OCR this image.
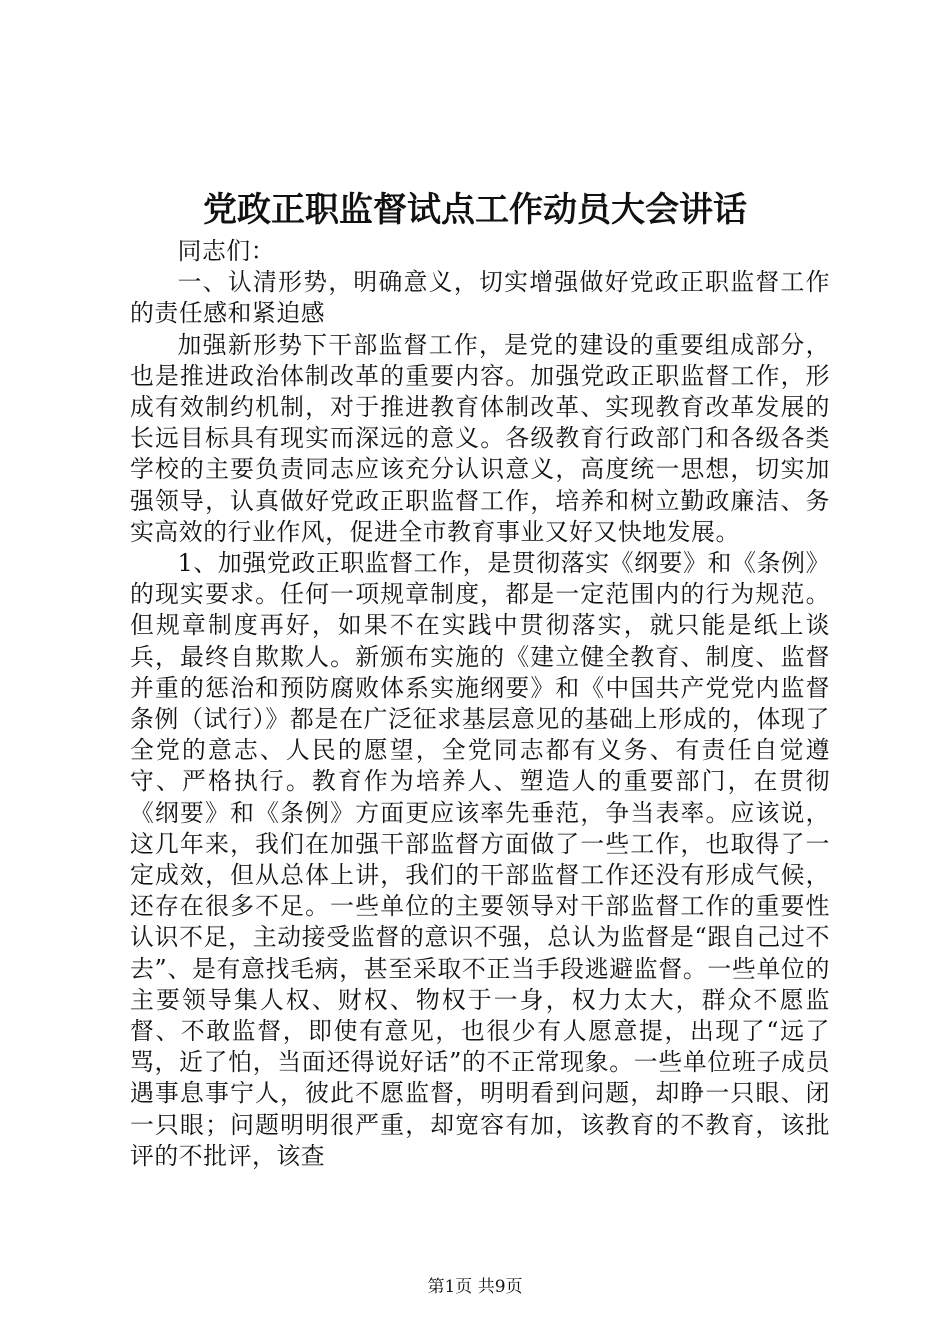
党政正职监督试点工作动员大会讲话

同志们：

一、认清形势，明确意义，切实增强做好党政正职监督工作的责任感和紧迫感

加强新形势下干部监督工作，是党的建设的重要组成部分，也是推进政治体制改革的重要内容。加强党政正职监督工作，形成有效制约机制，对于推进教育体制改革、实现教育改革发展的长远目标具有现实而深远的意义。各级教育行政部门和各级各类学校的主要负责同志应该充分认识意义，高度统一思想，切实加强领导，认真做好党政正职监督工作，培养和树立勤政廉洁、务实高效的行业作风，促进全市教育事业又好又快地发展。

1、加强党政正职监督工作，是贯彻落实《纲要》和《条例》的现实要求。任何一项规章制度，都是一定范围内的行为规范。但规章制度再好，如果不在实践中贯彻落实，就只能是纸上谈兵，最终自欺欺人。新颁布实施的《建立健全教育、制度、监督并重的惩治和预防腐败体系实施纲要》和《中国共产党党内监督条例（试行）》都是在广泛征求基层意见的基础上形成的，体现了全党的意志、人民的愿望，全党同志都有义务、有责任自觉遵守、严格执行。教育作为培养人、塑造人的重要部门，在贯彻《纲要》和《条例》方面更应该率先垂范，争当表率。应该说，这几年来，我们在加强干部监督方面做了一些工作，也取得了一定成效，但从总体上讲，我们的干部监督工作还没有形成气候，还存在很多不足。一些单位的主要领导对干部监督工作的重要性认识不足，主动接受监督的意识不强，总认为监督是“跟自己过不去”、是有意找毛病，甚至采取不正当手段逃避监督。一些单位的主要领导集人权、财权、物权于一身，权力太大，群众不愿监督、不敢监督，即使有意见，也很少有人愿意提，出现了“远了骂，近了怕，当面还得说好话”的不正常现象。一些单位班子成员遇事息事宁人，彼此不愿监督，明明看到问题，却睁一只眼、闭一只眼；问题明明很严重，却宽容有加，该教育的不教育，该批评的不批评，该查

第1页 共9页
